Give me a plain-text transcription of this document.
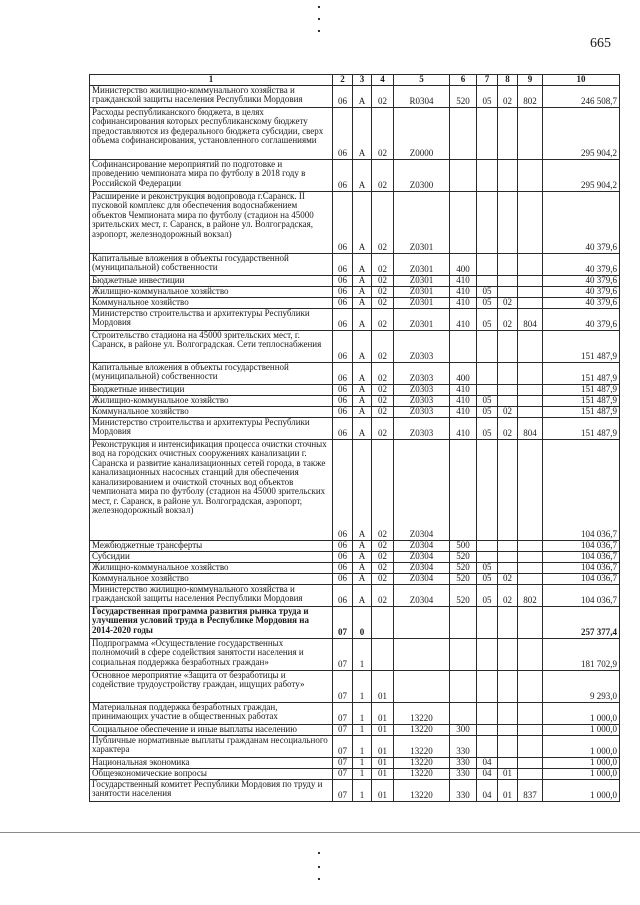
665
1	2	3	4	5	6	7	8	9	10
Министерство жилищно-коммунального хозяйства и гражданской защиты населения Республики Мордовия	06	А	02	R0304	520	05	02	802	246 508,7
Расходы республиканского бюджета, в целях софинансирования которых республиканскому бюджету предоставляются из федерального бюджета субсидии, сверх объема софинансирования, установленного соглашениями	06	А	02	Z0000					295 904,2
Софинансирование мероприятий по подготовке и проведению чемпионата мира по футболу в 2018 году в Российской Федерации	06	А	02	Z0300					295 904,2
Расширение и реконструкция водопровода г.Саранск. II пусковой комплекс для обеспечения водоснабжением объектов Чемпионата мира по футболу (стадион на 45000 зрительских мест, г. Саранск, в районе ул. Волгоградская, аэропорт, железнодорожный вокзал)	06	А	02	Z0301					40 379,6
Капитальные вложения в объекты государственной (муниципальной) собственности	06	А	02	Z0301	400				40 379,6
Бюджетные инвестиции	06	А	02	Z0301	410				40 379,6
Жилищно-коммунальное хозяйство	06	А	02	Z0301	410	05			40 379,6
Коммунальное хозяйство	06	А	02	Z0301	410	05	02		40 379,6
Министерство строительства и архитектуры Республики Мордовия	06	А	02	Z0301	410	05	02	804	40 379,6
Строительство стадиона на 45000 зрительских мест, г. Саранск, в районе ул. Волгоградская. Сети теплоснабжения	06	А	02	Z0303					151 487,9
Капитальные вложения в объекты государственной (муниципальной) собственности	06	А	02	Z0303	400				151 487,9
Бюджетные инвестиции	06	А	02	Z0303	410				151 487,9
Жилищно-коммунальное хозяйство	06	А	02	Z0303	410	05			151 487,9
Коммунальное хозяйство	06	А	02	Z0303	410	05	02		151 487,9
Министерство строительства и архитектуры Республики Мордовия	06	А	02	Z0303	410	05	02	804	151 487,9
Реконструкция и интенсификация процесса очистки сточных вод на городских очистных сооружениях канализации г. Саранска и развитие канализационных сетей города, в также канализационных насосных станций для обеспечения канализированием и очисткой сточных вод объектов чемпионата мира по футболу (стадион на 45000 зрительских мест, г. Саранск, в районе ул. Волгоградская, аэропорт, железнодорожный вокзал)	06	А	02	Z0304					104 036,7
Межбюджетные трансферты	06	А	02	Z0304	500				104 036,7
Субсидии	06	А	02	Z0304	520				104 036,7
Жилищно-коммунальное хозяйство	06	А	02	Z0304	520	05			104 036,7
Коммунальное хозяйство	06	А	02	Z0304	520	05	02		104 036,7
Министерство жилищно-коммунального хозяйства и гражданской защиты населения Республики Мордовия	06	А	02	Z0304	520	05	02	802	104 036,7
Государственная программа развития рынка труда и улучшения условий труда в Республике Мордовия на 2014-2020 годы	07	0							257 377,4
Подпрограмма «Осуществление государственных полномочий в сфере содействия занятости населения и социальная поддержка безработных граждан»	07	1							181 702,9
Основное мероприятие «Защита от безработицы и содействие трудоустройству граждан, ищущих работу»	07	1	01						9 293,0
Материальная поддержка безработных граждан, принимающих участие в общественных работах	07	1	01	13220					1 000,0
Социальное обеспечение и иные выплаты населению	07	1	01	13220	300				1 000,0
Публичные нормативные выплаты гражданам несоциального характера	07	1	01	13220	330				1 000,0
Национальная экономика	07	1	01	13220	330	04			1 000,0
Общеэкономические вопросы	07	1	01	13220	330	04	01		1 000,0
Государственный комитет Республики Мордовия по труду и занятости населения	07	1	01	13220	330	04	01	837	1 000,0
